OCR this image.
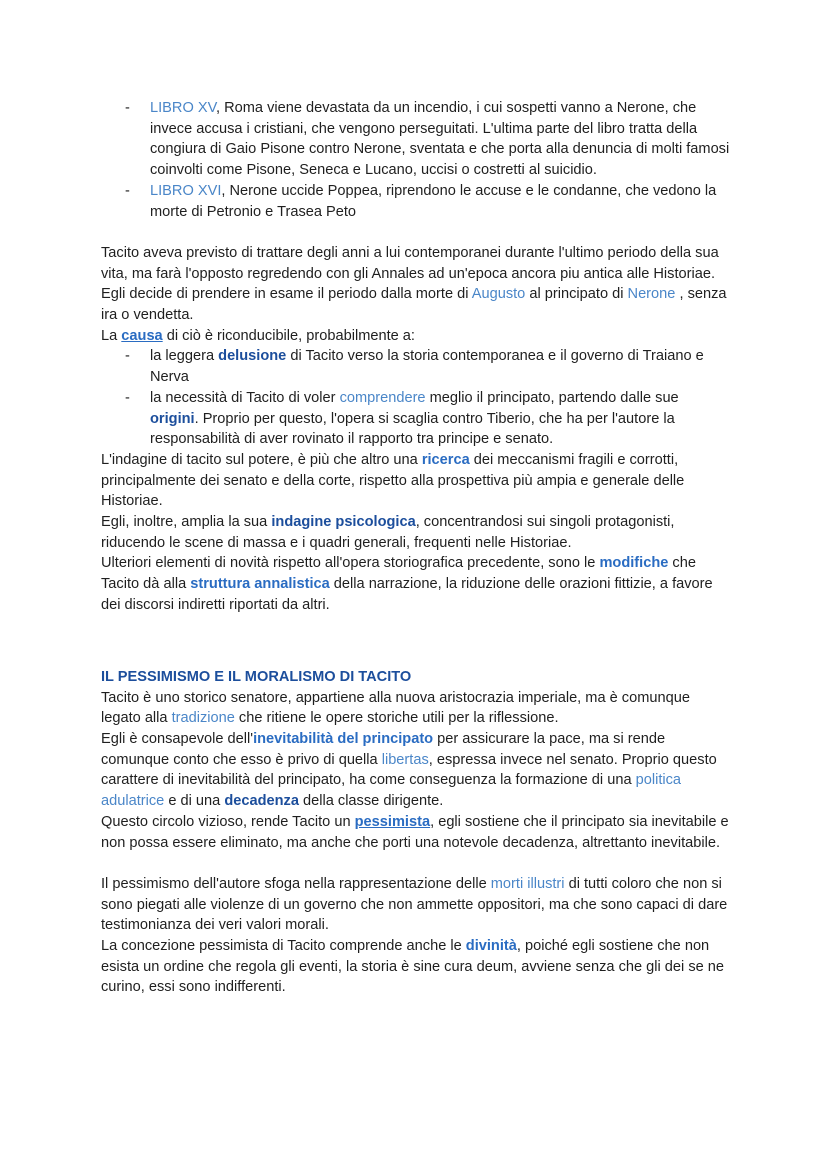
- LIBRO XV, Roma viene devastata da un incendio, i cui sospetti vanno a Nerone, che invece accusa i cristiani, che vengono perseguitati. L'ultima parte del libro tratta della congiura di Gaio Pisone contro Nerone, sventata e che porta alla denuncia di molti famosi coinvolti come Pisone, Seneca e Lucano, uccisi o costretti al suicidio.
- LIBRO XVI, Nerone uccide Poppea, riprendono le accuse e le condanne, che vedono la morte di Petronio e Trasea Peto

Tacito aveva previsto di trattare degli anni a lui contemporanei durante l'ultimo periodo della sua vita, ma farà l'opposto regredendo con gli Annales ad un'epoca ancora piu antica alle Historiae. Egli decide di prendere in esame il periodo dalla morte di Augusto al principato di Nerone , senza ira o vendetta.

La causa di ciò è riconducibile, probabilmente a:

- la leggera delusione di Tacito verso la storia contemporanea e il governo di Traiano e Nerva
- la necessità di Tacito di voler comprendere meglio il principato, partendo dalle sue origini. Proprio per questo, l'opera si scaglia contro Tiberio, che ha per l'autore la responsabilità di aver rovinato il rapporto tra principe e senato.

L'indagine di tacito sul potere, è più che altro una ricerca dei meccanismi fragili e corrotti, principalmente dei senato e della corte, rispetto alla prospettiva più ampia e generale delle Historiae.

Egli, inoltre, amplia la sua indagine psicologica, concentrandosi sui singoli protagonisti, riducendo le scene di massa e i quadri generali, frequenti nelle Historiae.

Ulteriori elementi di novità rispetto all'opera storiografica precedente, sono le modifiche che Tacito dà alla struttura annalistica della narrazione, la riduzione delle orazioni fittizie, a favore dei discorsi indiretti riportati da altri.

IL PESSIMISMO E IL MORALISMO DI TACITO

Tacito è uno storico senatore, appartiene alla nuova aristocrazia imperiale, ma è comunque legato alla tradizione che ritiene le opere storiche utili per la riflessione.

Egli è consapevole dell'inevitabilità del principato per assicurare la pace, ma si rende comunque conto che esso è privo di quella libertas, espressa invece nel senato. Proprio questo carattere di inevitabilità del principato, ha come conseguenza la formazione di una politica adulatrice e di una decadenza della classe dirigente.

Questo circolo vizioso, rende Tacito un pessimista, egli sostiene che il principato sia inevitabile e non possa essere eliminato, ma anche che porti una notevole decadenza, altrettanto inevitabile.

Il pessimismo dell'autore sfoga nella rappresentazione delle morti illustri di tutti coloro che non si sono piegati alle violenze di un governo che non ammette oppositori, ma che sono capaci di dare testimonianza dei veri valori morali.

La concezione pessimista di Tacito comprende anche le divinità, poiché egli sostiene che non esista un ordine che regola gli eventi, la storia è sine cura deum, avviene senza che gli dei se ne curino, essi sono indifferenti.
